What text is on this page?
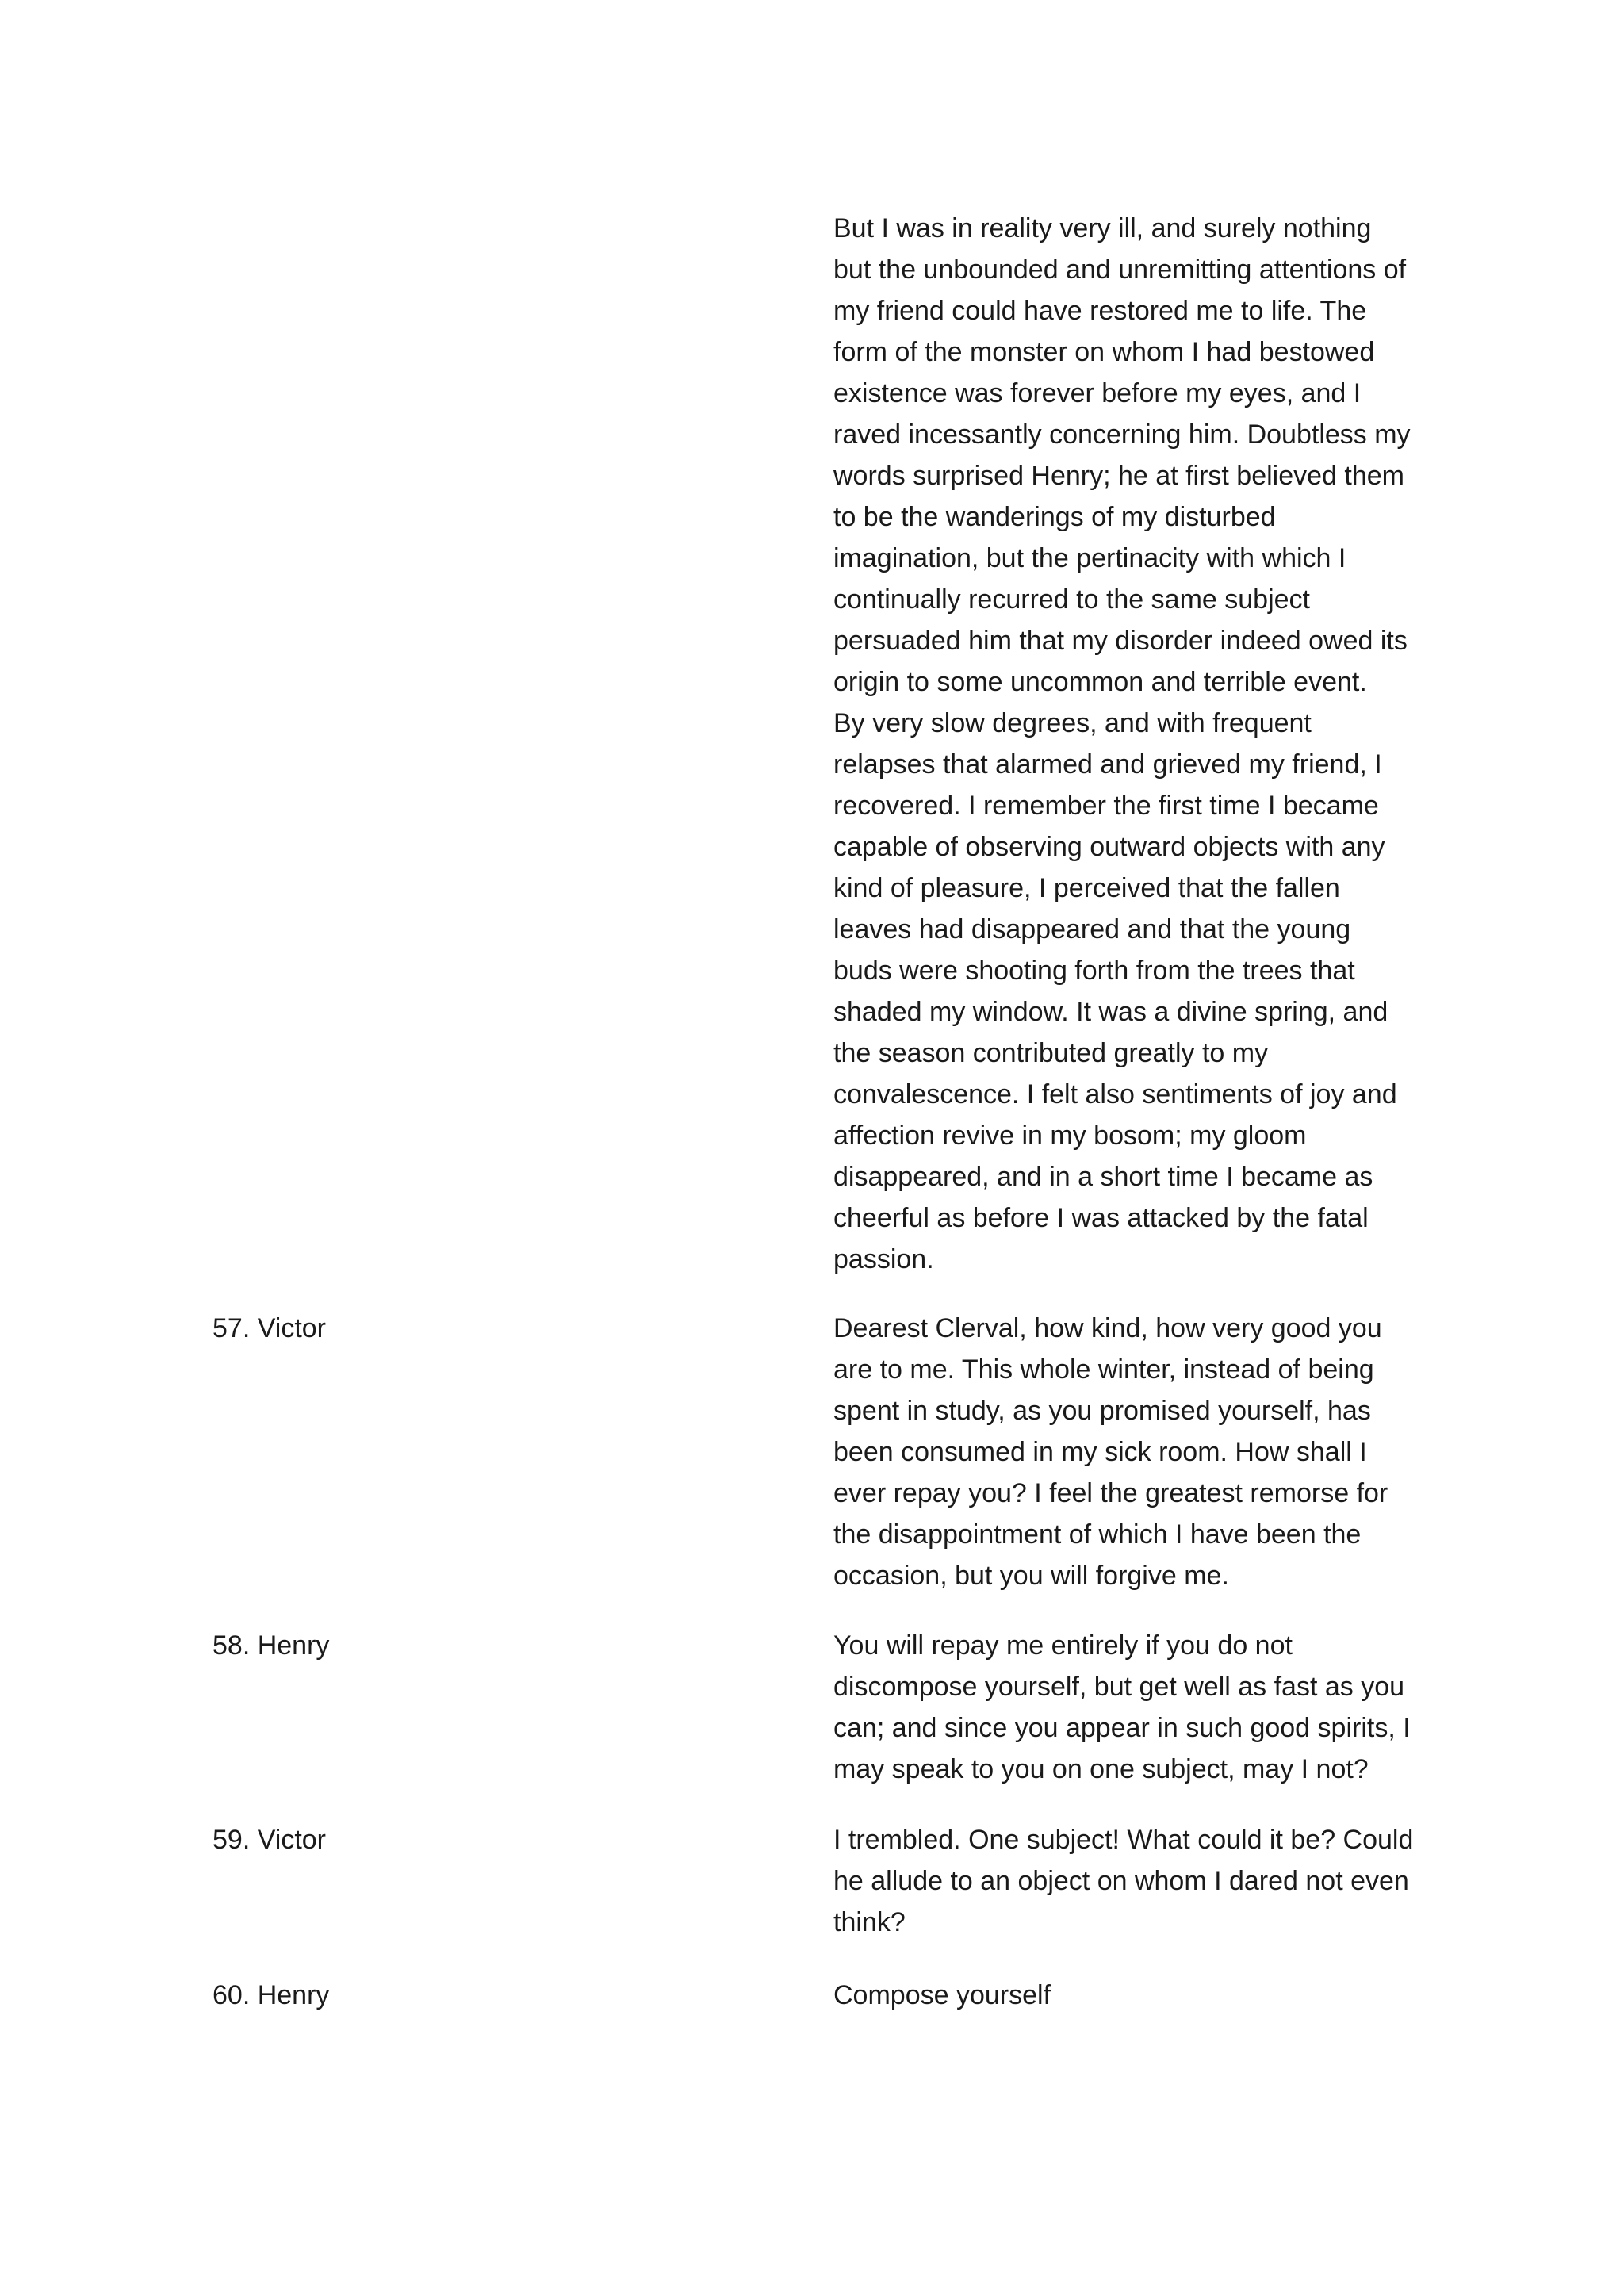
But I was in reality very ill, and surely nothing
but the unbounded and unremitting attentions of
my friend could have restored me to life. The
form of the monster on whom I had bestowed
existence was forever before my eyes, and I
raved incessantly concerning him. Doubtless my
words surprised Henry; he at first believed them
to be the wanderings of my disturbed
imagination, but the pertinacity with which I
continually recurred to the same subject
persuaded him that my disorder indeed owed its
origin to some uncommon and terrible event.
By very slow degrees, and with frequent
relapses that alarmed and grieved my friend, I
recovered. I remember the first time I became
capable of observing outward objects with any
kind of pleasure, I perceived that the fallen
leaves had disappeared and that the young
buds were shooting forth from the trees that
shaded my window. It was a divine spring, and
the season contributed greatly to my
convalescence. I felt also sentiments of joy and
affection revive in my bosom; my gloom
disappeared, and in a short time I became as
cheerful as before I was attacked by the fatal
passion.

57. Victor	Dearest Clerval, how kind, how very good you
are to me. This whole winter, instead of being
spent in study, as you promised yourself, has
been consumed in my sick room. How shall I
ever repay you? I feel the greatest remorse for
the disappointment of which I have been the
occasion, but you will forgive me.

58. Henry	You will repay me entirely if you do not
discompose yourself, but get well as fast as you
can; and since you appear in such good spirits, I
may speak to you on one subject, may I not?

59. Victor	I trembled. One subject! What could it be? Could
he allude to an object on whom I dared not even
think?

60. Henry	Compose yourself
